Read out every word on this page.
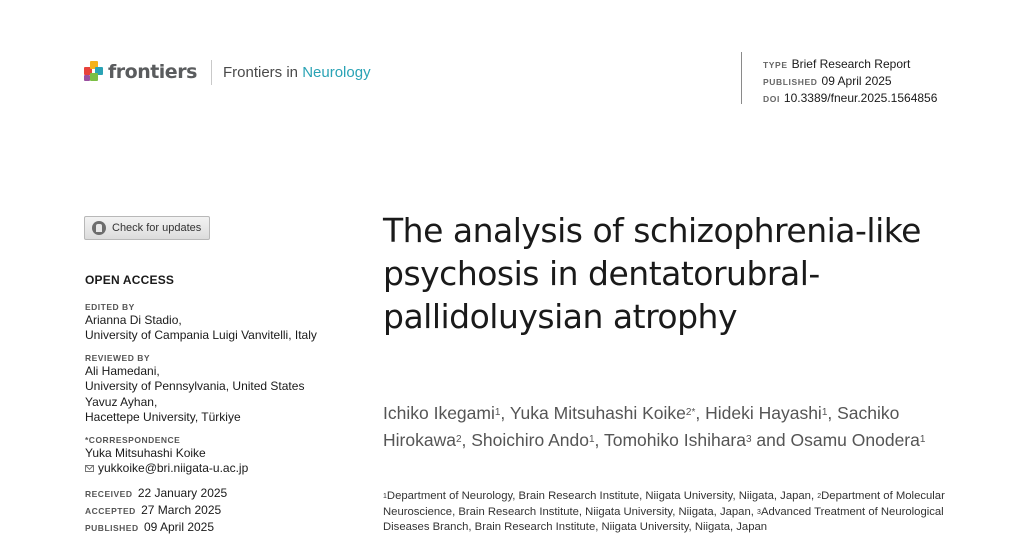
frontiers Frontiers in Neurology	TYPE Brief Research Report
PUBLISHED 09 April 2025
DOI 10.3389/fneur.2025.1564856
Check for updates
OPEN ACCESS
EDITED BY
Arianna Di Stadio,
University of Campania Luigi Vanvitelli, Italy
REVIEWED BY
Ali Hamedani,
University of Pennsylvania, United States
Yavuz Ayhan,
Hacettepe University, Türkiye
*CORRESPONDENCE
Yuka Mitsuhashi Koike
yukkoike@bri.niigata-u.ac.jp
RECEIVED 22 January 2025
ACCEPTED 27 March 2025
PUBLISHED 09 April 2025
The analysis of schizophrenia-like psychosis in dentatorubral-pallidoluysian atrophy
Ichiko Ikegami$^1$, Yuka Mitsuhashi Koike$^{2*}$, Hideki Hayashi$^1$, Sachiko Hirokawa$^2$, Shoichiro Ando$^1$, Tomohiko Ishihara$^3$ and Osamu Onodera$^1$
$^1$Department of Neurology, Brain Research Institute, Niigata University, Niigata, Japan, $^2$Department of Molecular Neuroscience, Brain Research Institute, Niigata University, Niigata, Japan, $^3$Advanced Treatment of Neurological Diseases Branch, Brain Research Institute, Niigata University, Niigata, Japan
